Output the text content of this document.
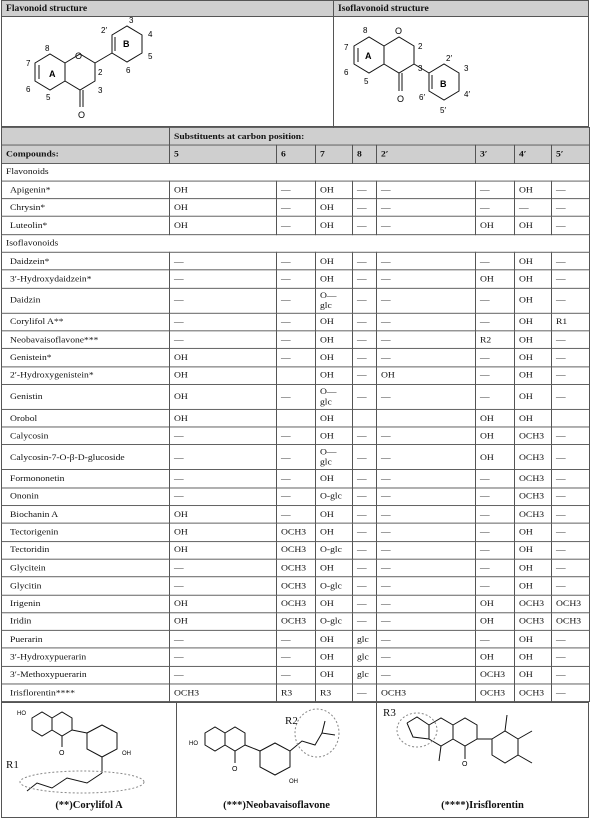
Flavonoid structure
A
B
O
O
8
7
6
5
2
3
2′
3
4
5
6
Isoflavonoid structure
A
B
O
O
8
7
6
5
2
3
2′
3
4′
5′
6′
	Substituents at carbon position:							
Compounds:	5	6	7	8	2′	3′	4′	5′
Flavonoids								
Apigenin*	OH	—	OH	—	—	—	OH	—
Chrysin*	OH	—	OH	—	—	—	—	—
Luteolin*	OH	—	OH	—	—	OH	OH	—
Isoflavonoids								
Daidzein*	—	—	OH	—	—	—	OH	—
3′-Hydroxydaidzein*	—	—	OH	—	—	OH	OH	—
Daidzin	—	—	O—glc	—	—	—	OH	—
Corylifol A**	—	—	OH	—	—	—	OH	R1
Neobavaisoflavone***	—	—	OH	—	—	R2	OH	—
Genistein*	OH	—	OH	—	—	—	OH	—
2′-Hydroxygenistein*	OH		OH	—	OH	—	OH	—
Genistin	OH	—	O—glc	—	—	—	OH	—
Orobol	OH		OH			OH	OH	
Calycosin	—	—	OH	—	—	OH	OCH3	—
Calycosin-7-O-β-D-glucoside	—	—	O—glc	—	—	OH	OCH3	—
Formononetin	—	—	OH	—	—	—	OCH3	—
Ononin	—	—	O-glc	—	—	—	OCH3	—
Biochanin A	OH	—	OH	—	—	—	OCH3	—
Tectorigenin	OH	OCH3	OH	—	—	—	OH	—
Tectoridin	OH	OCH3	O-glc	—	—	—	OH	—
Glycitein	—	OCH3	OH	—	—	—	OH	—
Glycitin	—	OCH3	O-glc	—	—	—	OH	—
Irigenin	OH	OCH3	OH	—	—	OH	OCH3	OCH3
Iridin	OH	OCH3	O-glc	—	—	OH	OCH3	OCH3
Puerarin	—	—	OH	glc	—	—	OH	—
3′-Hydroxypuerarin	—	—	OH	glc	—	OH	OH	—
3′-Methoxypuerarin	—	—	OH	glc	—	OCH3	OH	—
Irisflorentin****	OCH3	R3	R3	—	OCH3	OCH3	OCH3	—
HO
O	OH
R1
(**)Corylifol A
HO
O
OH
R2
(***)Neobavaisoflavone
O
R3
(****)Irisflorentin
